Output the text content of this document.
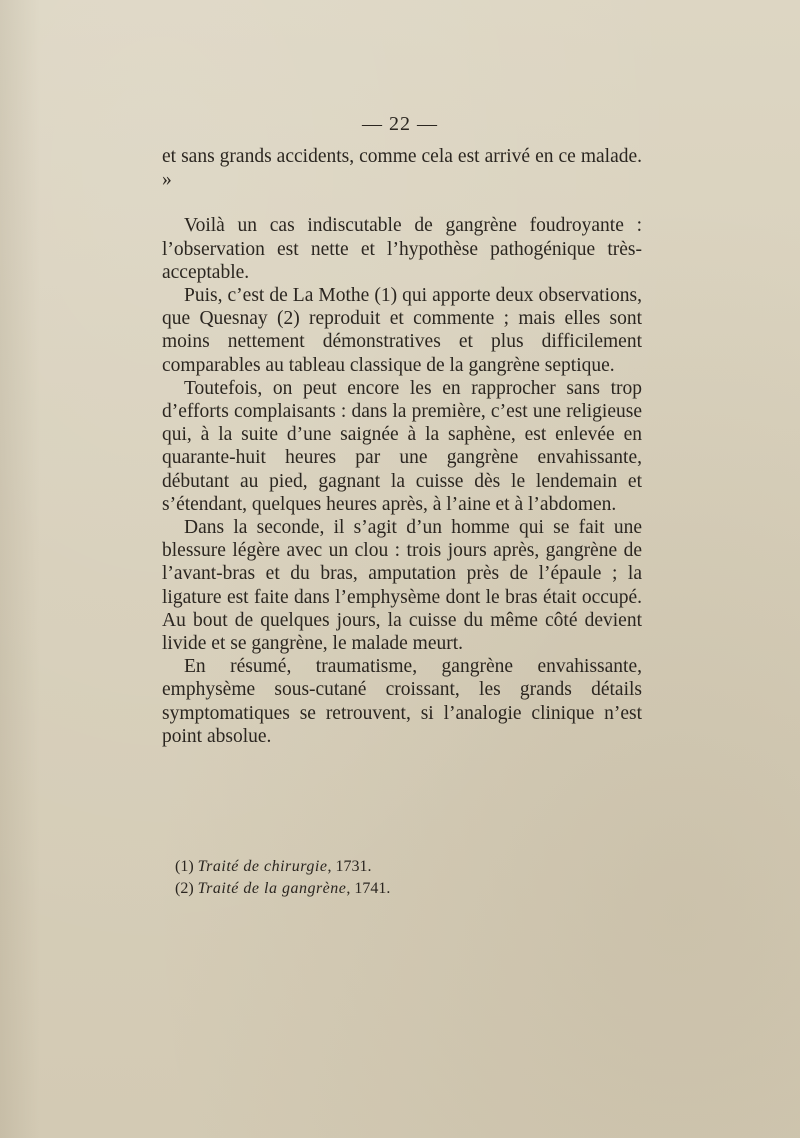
— 22 —

et sans grands accidents, comme cela est arrivé en ce malade. »

Voilà un cas indiscutable de gangrène foudroyante : l’observation est nette et l’hypothèse pathogénique très-acceptable.

Puis, c’est de La Mothe (1) qui apporte deux observations, que Quesnay (2) reproduit et commente ; mais elles sont moins nettement démonstratives et plus difficilement comparables au tableau classique de la gangrène septique.

Toutefois, on peut encore les en rapprocher sans trop d’efforts complaisants : dans la première, c’est une religieuse qui, à la suite d’une saignée à la saphène, est enlevée en quarante-huit heures par une gangrène envahissante, débutant au pied, gagnant la cuisse dès le lendemain et s’étendant, quelques heures après, à l’aine et à l’abdomen.

Dans la seconde, il s’agit d’un homme qui se fait une blessure légère avec un clou : trois jours après, gangrène de l’avant-bras et du bras, amputation près de l’épaule ; la ligature est faite dans l’emphysème dont le bras était occupé. Au bout de quelques jours, la cuisse du même côté devient livide et se gangrène, le malade meurt.

En résumé, traumatisme, gangrène envahissante, emphysème sous-cutané croissant, les grands détails symptomatiques se retrouvent, si l’analogie clinique n’est point absolue.

(1) Traité de chirurgie, 1731.

(2) Traité de la gangrène, 1741.
